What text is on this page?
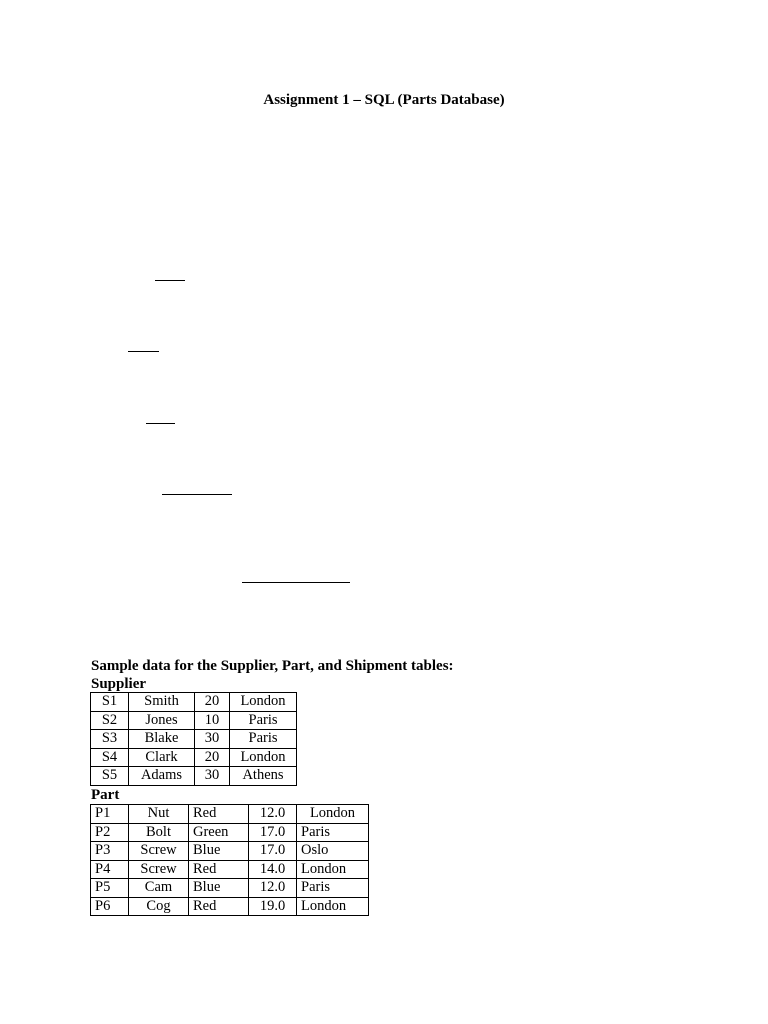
Assignment 1 – SQL (Parts Database)
Sample data for the Supplier, Part, and Shipment tables:
Supplier
S1	Smith	20	London
S2	Jones	10	Paris
S3	Blake	30	Paris
S4	Clark	20	London
S5	Adams	30	Athens
Part
P1	Nut	Red	12.0	London
P2	Bolt	Green	17.0	Paris
P3	Screw	Blue	17.0	Oslo
P4	Screw	Red	14.0	London
P5	Cam	Blue	12.0	Paris
P6	Cog	Red	19.0	London
